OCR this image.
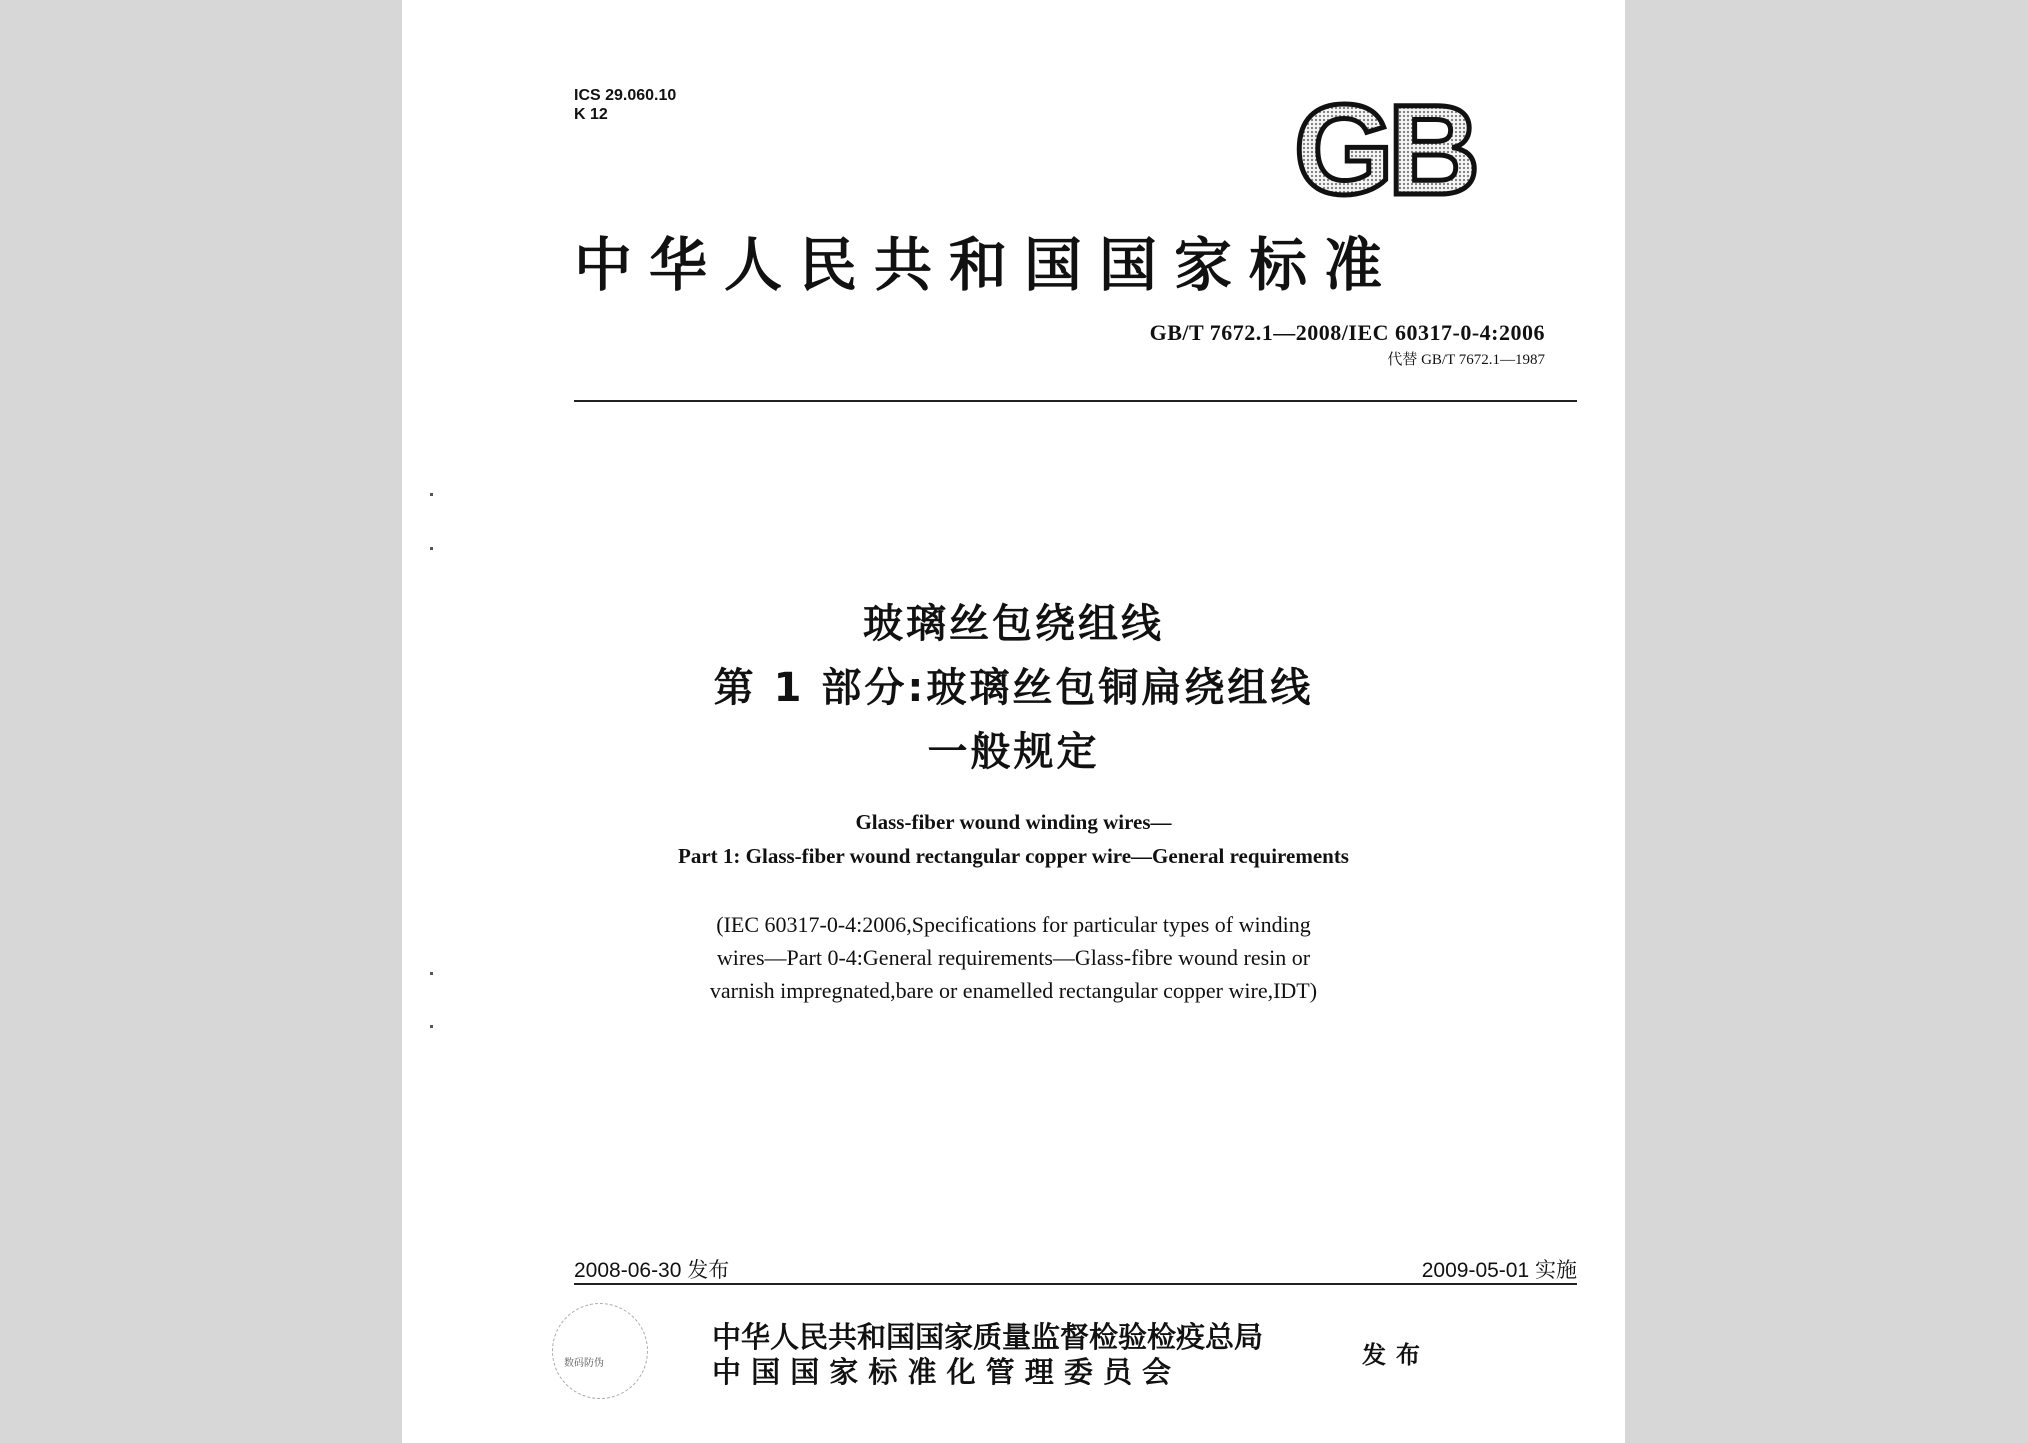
ICS 29.060.10
K 12	GB
中华人民共和国国家标准
GB/T 7672.1—2008/IEC 60317-0-4:2006
代替 GB/T 7672.1—1987
玻璃丝包绕组线
第 1 部分:玻璃丝包铜扁绕组线
一般规定
Glass-fiber wound winding wires—
Part 1: Glass-fiber wound rectangular copper wire—General requirements
(IEC 60317-0-4:2006,Specifications for particular types of winding
wires—Part 0-4:General requirements—Glass-fibre wound resin or
varnish impregnated,bare or enamelled rectangular copper wire,IDT)
2008-06-30 发布	2009-05-01 实施
数码防伪
中华人民共和国国家质量监督检验检疫总局
中 国 国 家 标 准 化 管 理 委 员 会
发布
